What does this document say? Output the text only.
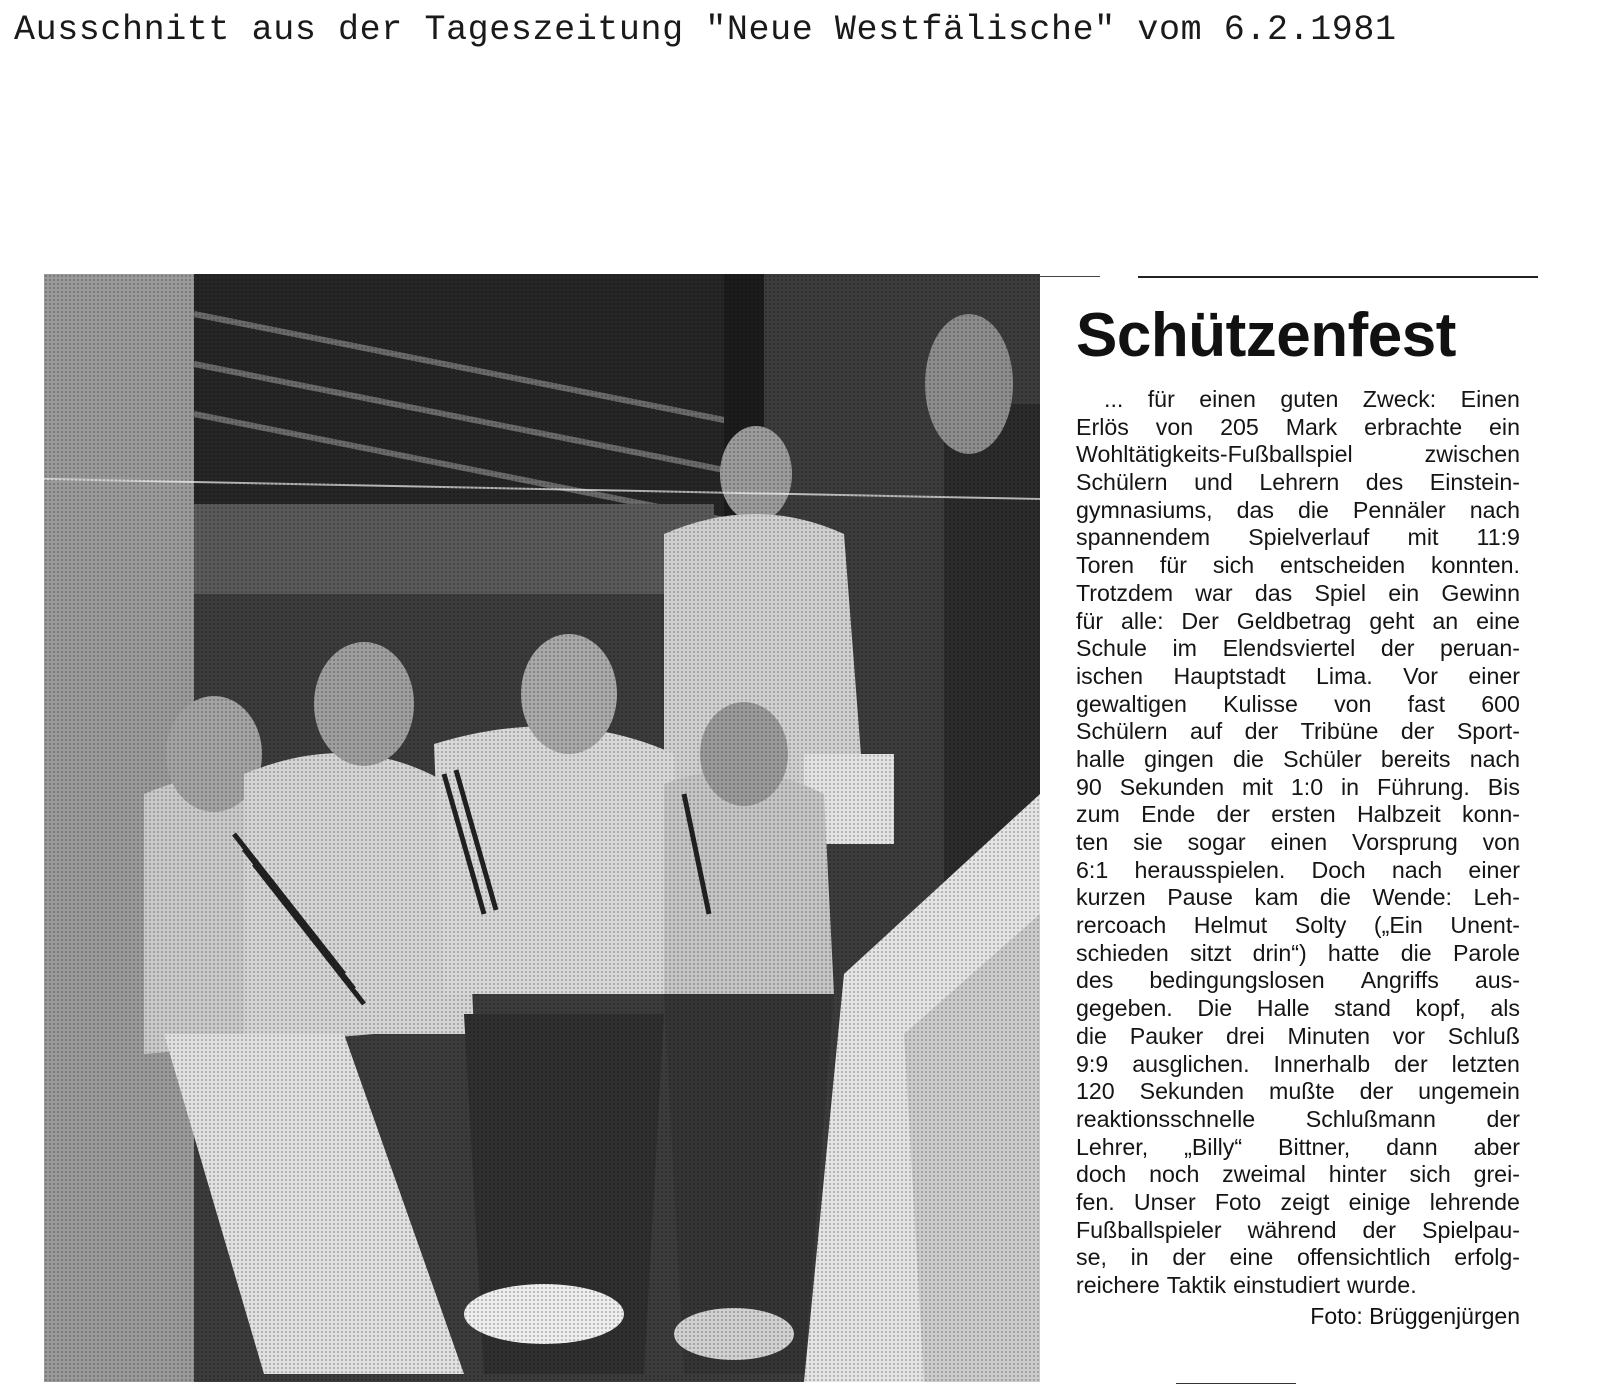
Ausschnitt aus der Tageszeitung "Neue Westfälische" vom 6.2.1981
Schützenfest
... für einen guten Zweck: Einen
Erlös von 205 Mark erbrachte ein
Wohltätigkeits-Fußballspiel	zwischen
Schülern und Lehrern des Einstein-
gymnasiums, das die Pennäler nach
spannendem Spielverlauf mit 11:9
Toren für sich entscheiden konnten.
Trotzdem war das Spiel ein Gewinn
für alle: Der Geldbetrag geht an eine
Schule im Elendsviertel der peruan-
ischen Hauptstadt Lima. Vor einer
gewaltigen Kulisse von fast 600
Schülern auf der Tribüne der Sport-
halle gingen die Schüler bereits nach
90 Sekunden mit 1:0 in Führung. Bis
zum Ende der ersten Halbzeit konn-
ten sie sogar einen Vorsprung von
6:1 herausspielen. Doch nach einer
kurzen Pause kam die Wende: Leh-
rercoach Helmut Solty („Ein Unent-
schieden sitzt drin“) hatte die Parole
des bedingungslosen Angriffs aus-
gegeben. Die Halle stand kopf, als
die Pauker drei Minuten vor Schluß
9:9 ausglichen. Innerhalb der letzten
120 Sekunden mußte der ungemein
reaktionsschnelle Schlußmann der
Lehrer, „Billy“ Bittner, dann aber
doch noch zweimal hinter sich grei-
fen. Unser Foto zeigt einige lehrende
Fußballspieler während der Spielpau-
se, in der eine offensichtlich erfolg-
reichere Taktik einstudiert wurde.
Foto: Brüggenjürgen
